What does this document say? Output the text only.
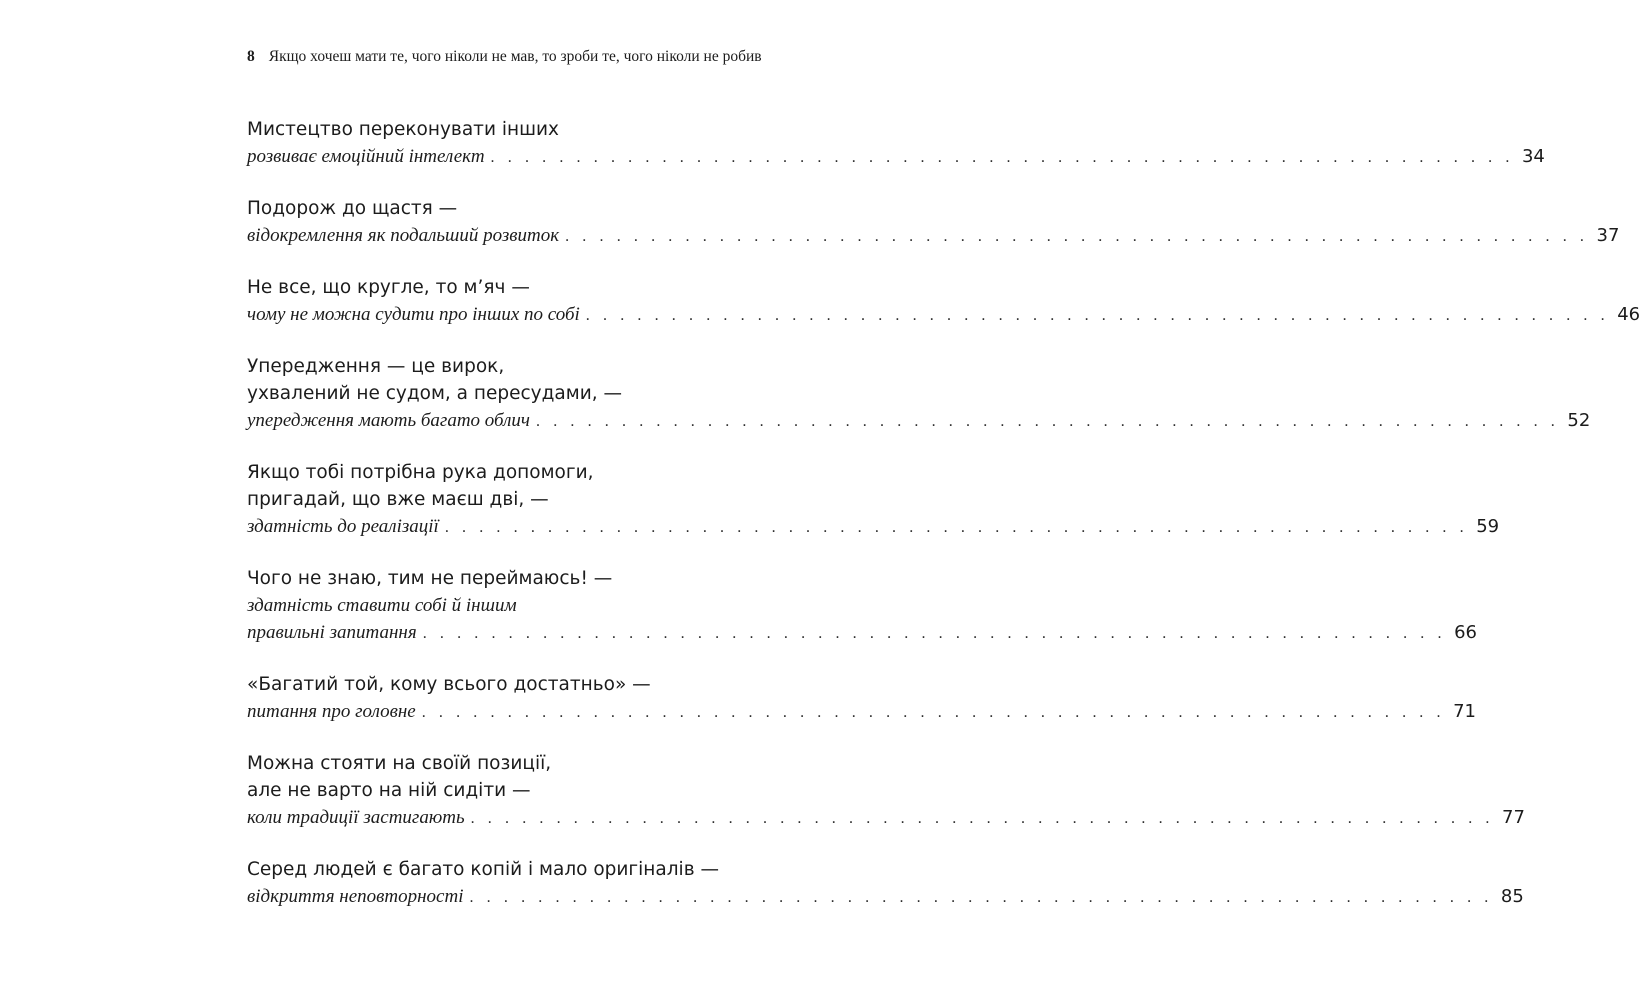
8 Якщо хочеш мати те, чого ніколи не мав, то зроби те, чого ніколи не робив
Мистецтво переконувати інших
розвиває емоційний інтелект . . . . . . . . . . . . . . . . . . . . . . . . . . . . . . . . . . . . . . . . . . . . . . . . . . . . . . . . . . . . 34
Подорож до щастя —
відокремлення як подальший розвиток . . . . . . . . . . . . . . . . . . . . . . . . . . . . . . . . . . . . . . . . . . . . . . . . . . . . . . . . . . . . 37
Не все, що кругле, то м’яч —
чому не можна судити про інших по собі . . . . . . . . . . . . . . . . . . . . . . . . . . . . . . . . . . . . . . . . . . . . . . . . . . . . . . . . . . . . 46
Упередження — це вирок,
ухвалений не судом, а пересудами, —
упередження мають багато облич . . . . . . . . . . . . . . . . . . . . . . . . . . . . . . . . . . . . . . . . . . . . . . . . . . . . . . . . . . . . 52
Якщо тобі потрібна рука допомоги,
пригадай, що вже маєш дві, —
здатність до реалізації . . . . . . . . . . . . . . . . . . . . . . . . . . . . . . . . . . . . . . . . . . . . . . . . . . . . . . . . . . . . 59
Чого не знаю, тим не переймаюсь! —
здатність ставити собі й іншим
правильні запитання . . . . . . . . . . . . . . . . . . . . . . . . . . . . . . . . . . . . . . . . . . . . . . . . . . . . . . . . . . . . 66
«Багатий той, кому всього достатньо» —
питання про головне . . . . . . . . . . . . . . . . . . . . . . . . . . . . . . . . . . . . . . . . . . . . . . . . . . . . . . . . . . . . 71
Можна стояти на своїй позиції,
але не варто на ній сидіти —
коли традиції застигають . . . . . . . . . . . . . . . . . . . . . . . . . . . . . . . . . . . . . . . . . . . . . . . . . . . . . . . . . . . . 77
Серед людей є багато копій і мало оригіналів —
відкриття неповторності . . . . . . . . . . . . . . . . . . . . . . . . . . . . . . . . . . . . . . . . . . . . . . . . . . . . . . . . . . . . 85
